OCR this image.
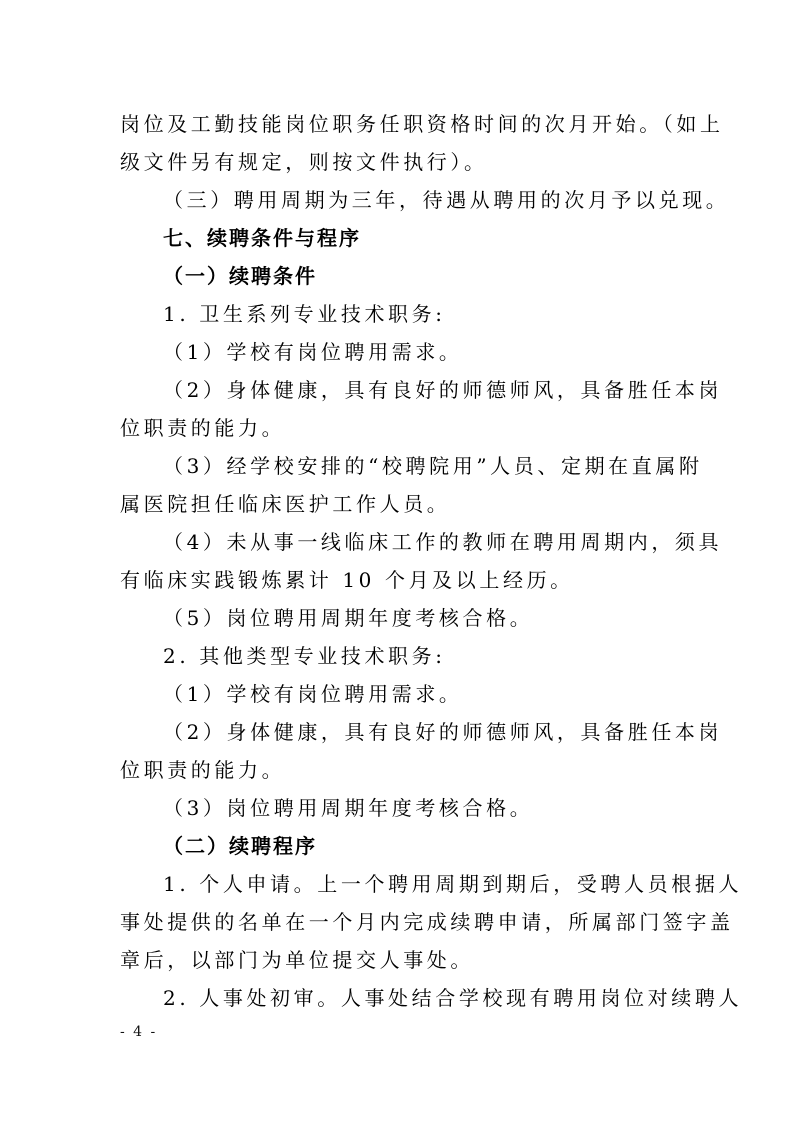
岗位及工勤技能岗位职务任职资格时间的次月开始。（如上
级文件另有规定，则按文件执行）。
（三）聘用周期为三年，待遇从聘用的次月予以兑现。
七、续聘条件与程序
（一）续聘条件
1. 卫生系列专业技术职务:
（1）学校有岗位聘用需求。
（2）身体健康，具有良好的师德师风，具备胜任本岗
位职责的能力。
（3）经学校安排的“校聘院用”人员、定期在直属附
属医院担任临床医护工作人员。
（4）未从事一线临床工作的教师在聘用周期内，须具
有临床实践锻炼累计 10 个月及以上经历。
（5）岗位聘用周期年度考核合格。
2. 其他类型专业技术职务:
（1）学校有岗位聘用需求。
（2）身体健康，具有良好的师德师风，具备胜任本岗
位职责的能力。
（3）岗位聘用周期年度考核合格。
（二）续聘程序
1. 个人申请。上一个聘用周期到期后，受聘人员根据人
事处提供的名单在一个月内完成续聘申请，所属部门签字盖
章后，以部门为单位提交人事处。
2. 人事处初审。人事处结合学校现有聘用岗位对续聘人
- 4 -
